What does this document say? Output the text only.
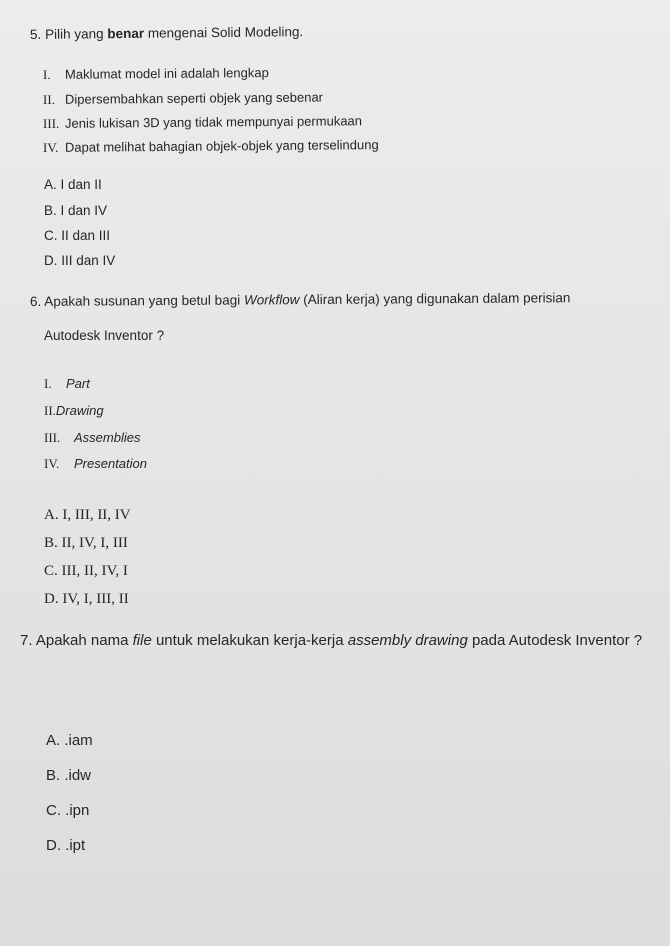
5. Pilih yang benar mengenai Solid Modeling.
I. Maklumat model ini adalah lengkap
II. Dipersembahkan seperti objek yang sebenar
III. Jenis lukisan 3D yang tidak mempunyai permukaan
IV. Dapat melihat bahagian objek-objek yang terselindung
A. I dan II
B. I dan IV
C. II dan III
D. III dan IV
6. Apakah susunan yang betul bagi Workflow (Aliran kerja) yang digunakan dalam perisian
Autodesk Inventor ?
I. Part
II.Drawing
III. Assemblies
IV. Presentation
A. I, III, II, IV
B. II, IV, I, III
C. III, II, IV, I
D. IV, I, III, II
7. Apakah nama file untuk melakukan kerja-kerja assembly drawing pada Autodesk Inventor ?
A. .iam
B. .idw
C. .ipn
D. .ipt
